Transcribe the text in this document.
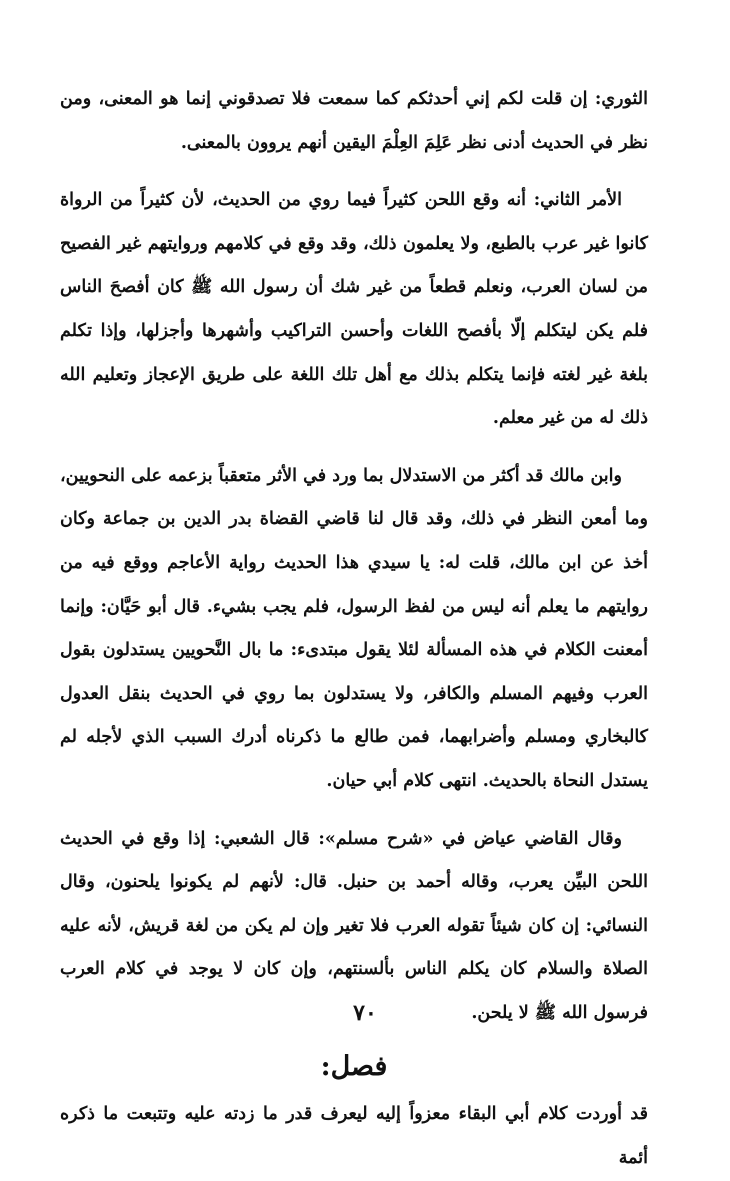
الثوري: إن قلت لكم إني أحدثكم كما سمعت فلا تصدقوني إنما هو المعنى، ومن نظر في الحديث أدنى نظر عَلِمَ العِلْمَ اليقين أنهم يروون بالمعنى.

الأمر الثاني: أنه وقع اللحن كثيراً فيما روي من الحديث، لأن كثيراً من الرواة كانوا غير عرب بالطبع، ولا يعلمون ذلك، وقد وقع في كلامهم وروايتهم غير الفصيح من لسان العرب، ونعلم قطعاً من غير شك أن رسول الله ﷺ كان أفصحَ الناس فلم يكن ليتكلم إلّا بأفصح اللغات وأحسن التراكيب وأشهرها وأجزلها، وإذا تكلم بلغة غير لغته فإنما يتكلم بذلك مع أهل تلك اللغة على طريق الإعجاز وتعليم الله ذلك له من غير معلم.

وابن مالك قد أكثر من الاستدلال بما ورد في الأثر متعقباً بزعمه على النحويين، وما أمعن النظر في ذلك، وقد قال لنا قاضي القضاة بدر الدين بن جماعة وكان أخذ عن ابن مالك، قلت له: يا سيدي هذا الحديث رواية الأعاجم ووقع فيه من روايتهم ما يعلم أنه ليس من لفظ الرسول، فلم يجب بشيء. قال أبو حَيَّان: وإنما أمعنت الكلام في هذه المسألة لئلا يقول مبتدىء: ما بال النَّحويين يستدلون بقول العرب وفيهم المسلم والكافر، ولا يستدلون بما روي في الحديث بنقل العدول كالبخاري ومسلم وأضرابهما، فمن طالع ما ذكرناه أدرك السبب الذي لأجله لم يستدل النحاة بالحديث. انتهى كلام أبي حيان.

وقال القاضي عياض في «شرح مسلم»: قال الشعبي: إذا وقع في الحديث اللحن البيِّن يعرب، وقاله أحمد بن حنبل. قال: لأنهم لم يكونوا يلحنون، وقال النسائي: إن كان شيئاً تقوله العرب فلا تغير وإن لم يكن من لغة قريش، لأنه عليه الصلاة والسلام كان يكلم الناس بألسنتهم، وإن كان لا يوجد في كلام العرب فرسول الله ﷺ لا يلحن.

فصل:

قد أوردت كلام أبي البقاء معزواً إليه ليعرف قدر ما زدته عليه وتتبعت ما ذكره أئمة

٧٠
